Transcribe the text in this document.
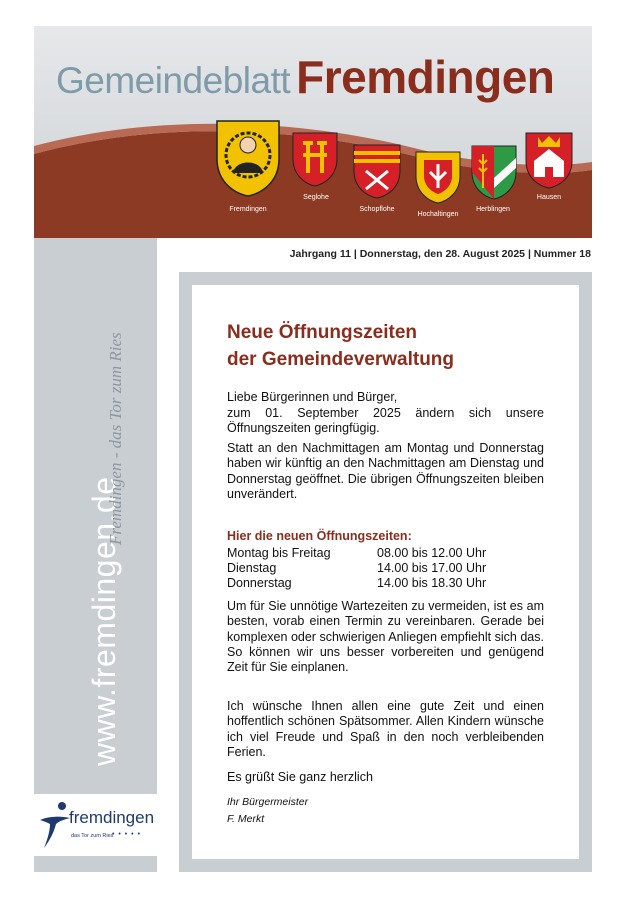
Gemeindeblatt Fremdingen
Fremdingen
Seglohe
Schopflohe
Hochaltingen
Herblingen
Hausen
www.fremdingen.de
Fremdingen - das Tor zum Ries
fremdingen
das Tor zum Ries
• • • • •
Jahrgang 11 | Donnerstag, den 28. August 2025 | Nummer 18
Neue Öffnungszeiten
der Gemeindeverwaltung
Liebe Bürgerinnen und Bürger,

zum 01. September 2025 ändern sich unsere Öffnungszeiten geringfügig.

Statt an den Nachmittagen am Montag und Donnerstag haben wir künftig an den Nachmittagen am Dienstag und Donnerstag geöffnet. Die übrigen Öffnungszeiten bleiben unverändert.

Hier die neuen Öffnungszeiten:
Montag bis Freitag	08.00 bis 12.00 Uhr
Dienstag	14.00 bis 17.00 Uhr
Donnerstag	14.00 bis 18.30 Uhr

Um für Sie unnötige Wartezeiten zu vermeiden, ist es am besten, vorab einen Termin zu vereinbaren. Gerade bei komplexen oder schwierigen Anliegen empfiehlt sich das. So können wir uns besser vorbereiten und genügend Zeit für Sie einplanen.

Ich wünsche Ihnen allen eine gute Zeit und einen hoffentlich schönen Spätsommer. Allen Kindern wünsche ich viel Freude und Spaß in den noch verbleibenden Ferien.

Es grüßt Sie ganz herzlich
Ihr Bürgermeister
F. Merkt
